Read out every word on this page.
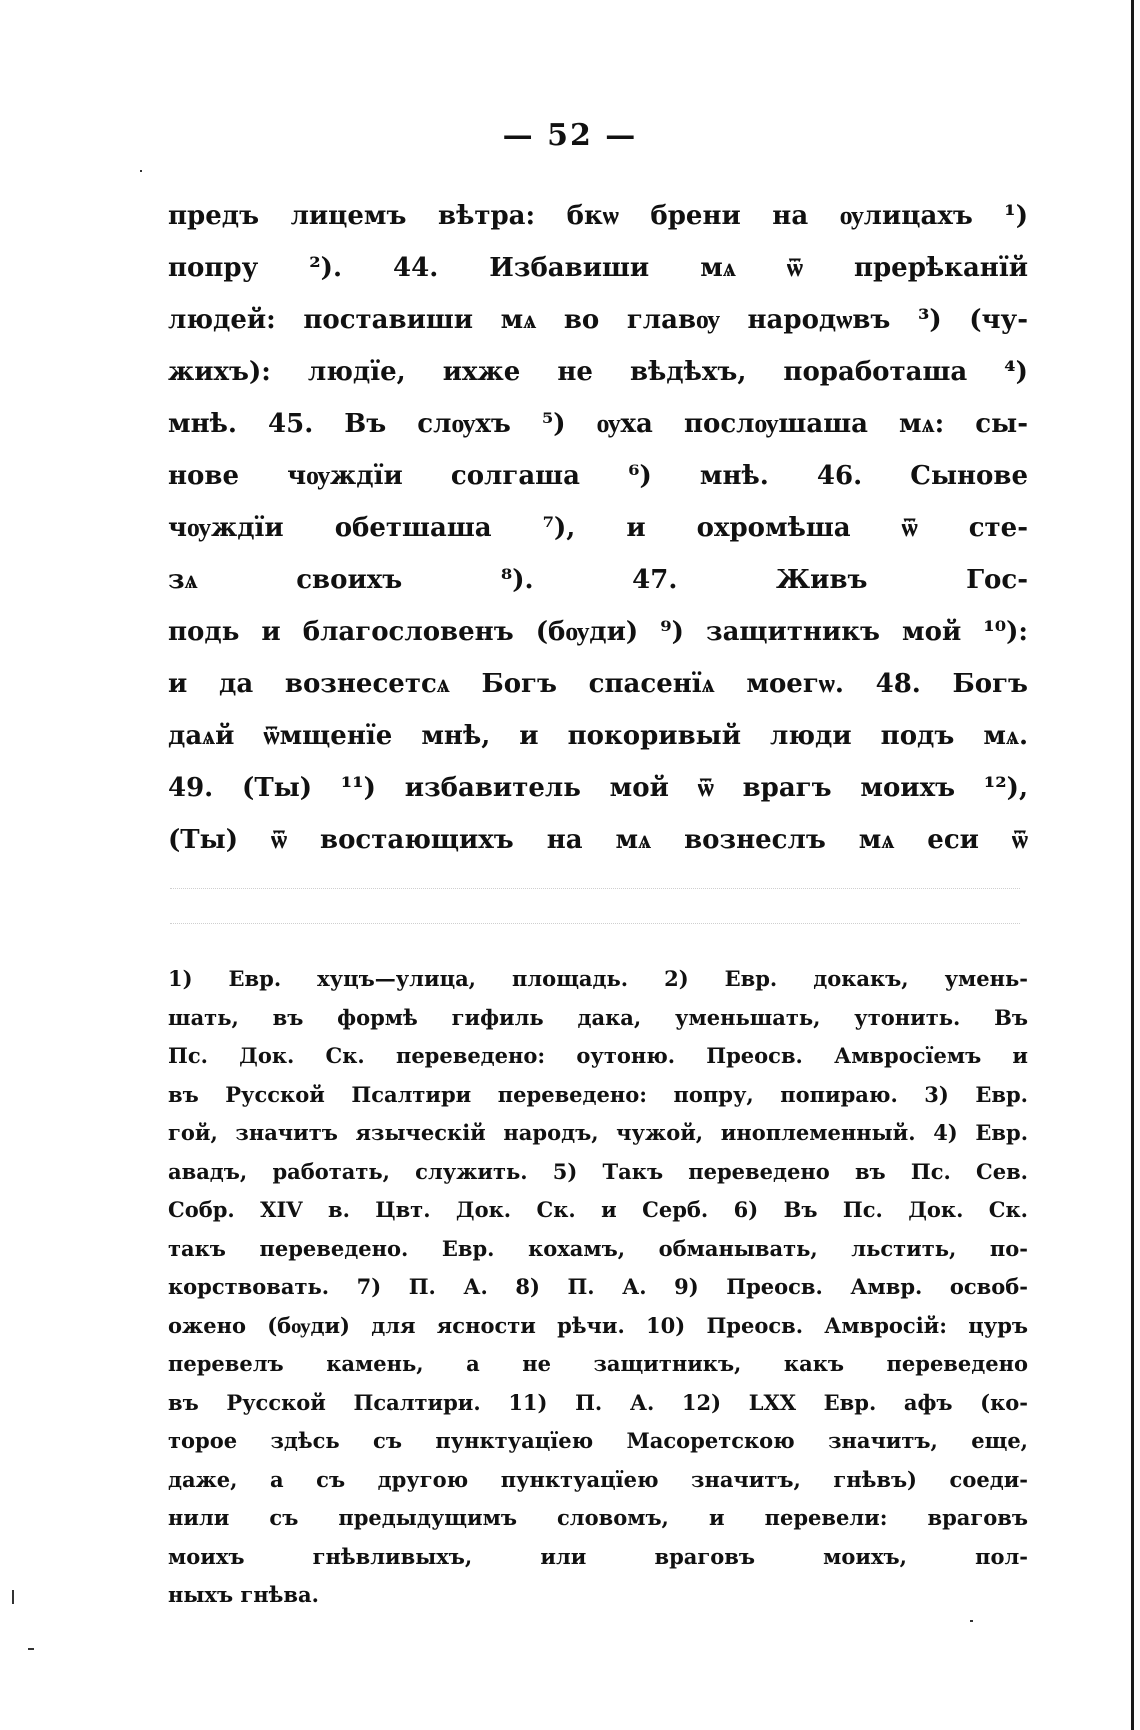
— 52 —
предъ лицемъ вѣтра: бкѡ брени на ѹлицахъ ¹)
попру ²). 44. Избавиши мѧ ѿ прерѣканїй
людей: поставиши мѧ во главѹ народѡвъ ³) (чу-
жихъ): людїе, ихже не вѣдѣхъ, поработаша ⁴)
мнѣ. 45. Въ слѹхъ ⁵) ѹха послѹшаша мѧ: сы-
нове чѹждїи солгаша ⁶) мнѣ. 46. Сынове
чѹждїи обетшаша ⁷), и охромѣша ѿ сте-
зѧ своихъ ⁸). 47. Живъ Гос-
подь и благословенъ (бѹди) ⁹) защитникъ мой ¹⁰):
и да вознесетсѧ Богъ спасенїѧ моегѡ. 48. Богъ
даѧй ѿмщенїе мнѣ, и покоривый люди подъ мѧ.
49. (Ты) ¹¹) избавитель мой ѿ врагъ моихъ ¹²),
(Ты) ѿ востающихъ на мѧ вознеслъ мѧ еси ѿ
1) Евр. хуцъ—улица, площадь. 2) Евр. докакъ, умень-
шать, въ формѣ гифиль дака, уменьшать, утонить. Въ
Пс. Док. Ск. переведено: оутоню. Преосв. Амвросїемъ и
въ Русской Псалтири переведено: попру, попираю. 3) Евр.
гой, значитъ языческій народъ, чужой, иноплеменный. 4) Евр.
авадъ, работать, служить. 5) Такъ переведено въ Пс. Сев.
Собр. XIV в. Цвт. Док. Ск. и Серб. 6) Въ Пс. Док. Ск.
такъ переведено. Евр. кохамъ, обманывать, льстить, по-
корствовать. 7) П. А. 8) П. А. 9) Преосв. Амвр. освоб-
ожено (бѹди) для ясности рѣчи. 10) Преосв. Амвросій: цуръ
перевелъ камень, а не защитникъ, какъ переведено
въ Русской Псалтири. 11) П. А. 12) LXX Евр. афъ (ко-
торое здѣсь съ пунктуацїею Масоретскою значитъ, еще,
даже, а съ другою пунктуацїею значитъ, гнѣвъ) соеди-
нили съ предыдущимъ словомъ, и перевели: враговъ
моихъ гнѣвливыхъ, или враговъ моихъ, пол-
ныхъ гнѣва.
